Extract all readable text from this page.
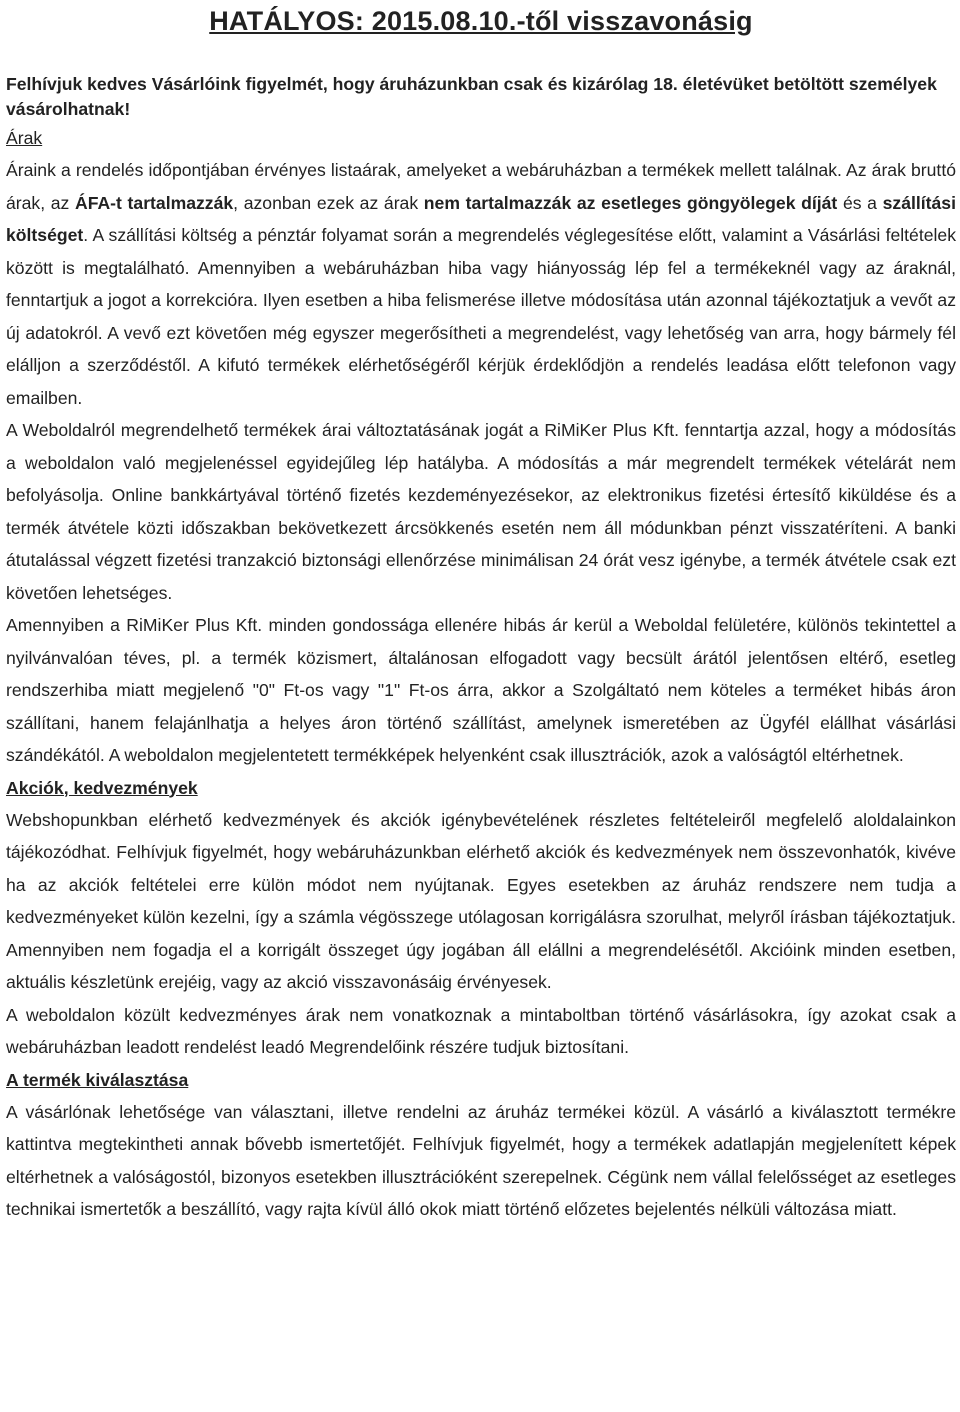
HATÁLYOS: 2015.08.10.-től visszavonásig
Felhívjuk kedves Vásárlóink figyelmét, hogy áruházunkban csak és kizárólag 18. életévüket betöltött személyek vásárolhatnak!
Árak

Áraink a rendelés időpontjában érvényes listaárak, amelyeket a webáruházban a termékek mellett találnak. Az árak bruttó árak, az ÁFA-t tartalmazzák, azonban ezek az árak nem tartalmazzák az esetleges göngyölegek díját és a szállítási költséget. A szállítási költség a pénztár folyamat során a megrendelés véglegesítése előtt, valamint a Vásárlási feltételek között is megtalálható. Amennyiben a webáruházban hiba vagy hiányosság lép fel a termékeknél vagy az áraknál, fenntartjuk a jogot a korrekcióra. Ilyen esetben a hiba felismerése illetve módosítása után azonnal tájékoztatjuk a vevőt az új adatokról. A vevő ezt követően még egyszer megerősítheti a megrendelést, vagy lehetőség van arra, hogy bármely fél elálljon a szerződéstől. A kifutó termékek elérhetőségéről kérjük érdeklődjön a rendelés leadása előtt telefonon vagy emailben.

A Weboldalról megrendelhető termékek árai változtatásának jogát a RiMiKer Plus Kft. fenntartja azzal, hogy a módosítás a weboldalon való megjelenéssel egyidejűleg lép hatályba. A módosítás a már megrendelt termékek vételárát nem befolyásolja. Online bankkártyával történő fizetés kezdeményezésekor, az elektronikus fizetési értesítő kiküldése és a termék átvétele közti időszakban bekövetkezett árcsökkenés esetén nem áll módunkban pénzt visszatéríteni. A banki átutalással végzett fizetési tranzakció biztonsági ellenőrzése minimálisan 24 órát vesz igénybe, a termék átvétele csak ezt követően lehetséges.

Amennyiben a RiMiKer Plus Kft. minden gondossága ellenére hibás ár kerül a Weboldal felületére, különös tekintettel a nyilvánvalóan téves, pl. a termék közismert, általánosan elfogadott vagy becsült árától jelentősen eltérő, esetleg rendszerhiba miatt megjelenő "0" Ft-os vagy "1" Ft-os árra, akkor a Szolgáltató nem köteles a terméket hibás áron szállítani, hanem felajánlhatja a helyes áron történő szállítást, amelynek ismeretében az Ügyfél elállhat vásárlási szándékától. A weboldalon megjelentetett termékképek helyenként csak illusztrációk, azok a valóságtól eltérhetnek.

Akciók, kedvezmények

Webshopunkban elérhető kedvezmények és akciók igénybevételének részletes feltételeiről megfelelő aloldalainkon tájékozódhat. Felhívjuk figyelmét, hogy webáruházunkban elérhető akciók és kedvezmények nem összevonhatók, kivéve ha az akciók feltételei erre külön módot nem nyújtanak. Egyes esetekben az áruház rendszere nem tudja a kedvezményeket külön kezelni, így a számla végösszege utólagosan korrigálásra szorulhat, melyről írásban tájékoztatjuk. Amennyiben nem fogadja el a korrigált összeget úgy jogában áll elállni a megrendelésétől. Akcióink minden esetben, aktuális készletünk erejéig, vagy az akció visszavonásáig érvényesek.

A weboldalon közült kedvezményes árak nem vonatkoznak a mintaboltban történő vásárlásokra, így azokat csak a webáruházban leadott rendelést leadó Megrendelőink részére tudjuk biztosítani.

A termék kiválasztása

A vásárlónak lehetősége van választani, illetve rendelni az áruház termékei közül. A vásárló a kiválasztott termékre kattintva megtekintheti annak bővebb ismertetőjét. Felhívjuk figyelmét, hogy a termékek adatlapján megjelenített képek eltérhetnek a valóságostól, bizonyos esetekben illusztrációként szerepelnek. Cégünk nem vállal felelősséget az esetleges technikai ismertetők a beszállító, vagy rajta kívül álló okok miatt történő előzetes bejelentés nélküli változása miatt.
